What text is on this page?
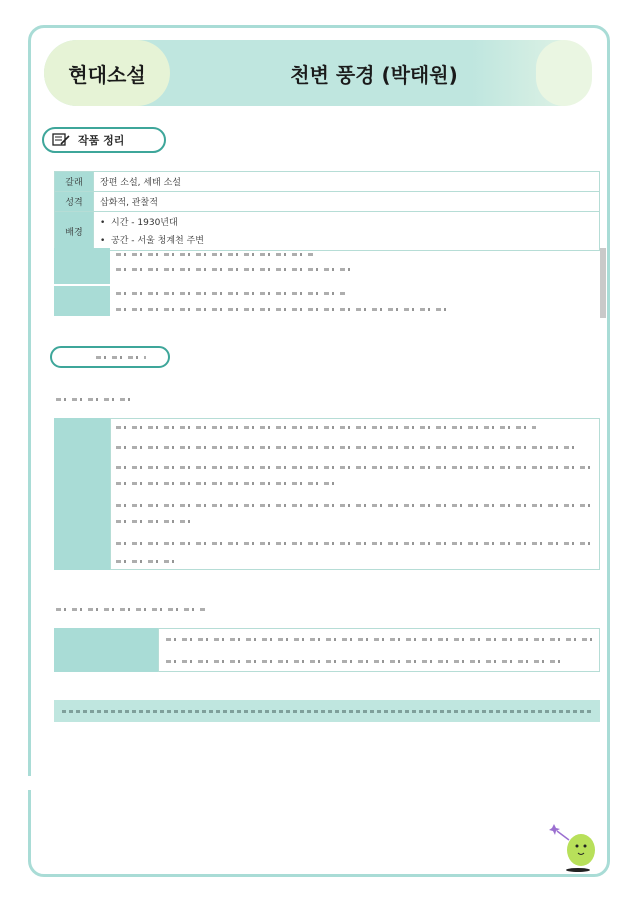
현대소설	천변 풍경 (박태원)
작품 정리
갈래	장편 소설, 세태 소설
성격	삽화적, 관찰적
배경	•  시간 - 1930년대
•  공간 - 서울 청계천 주변
